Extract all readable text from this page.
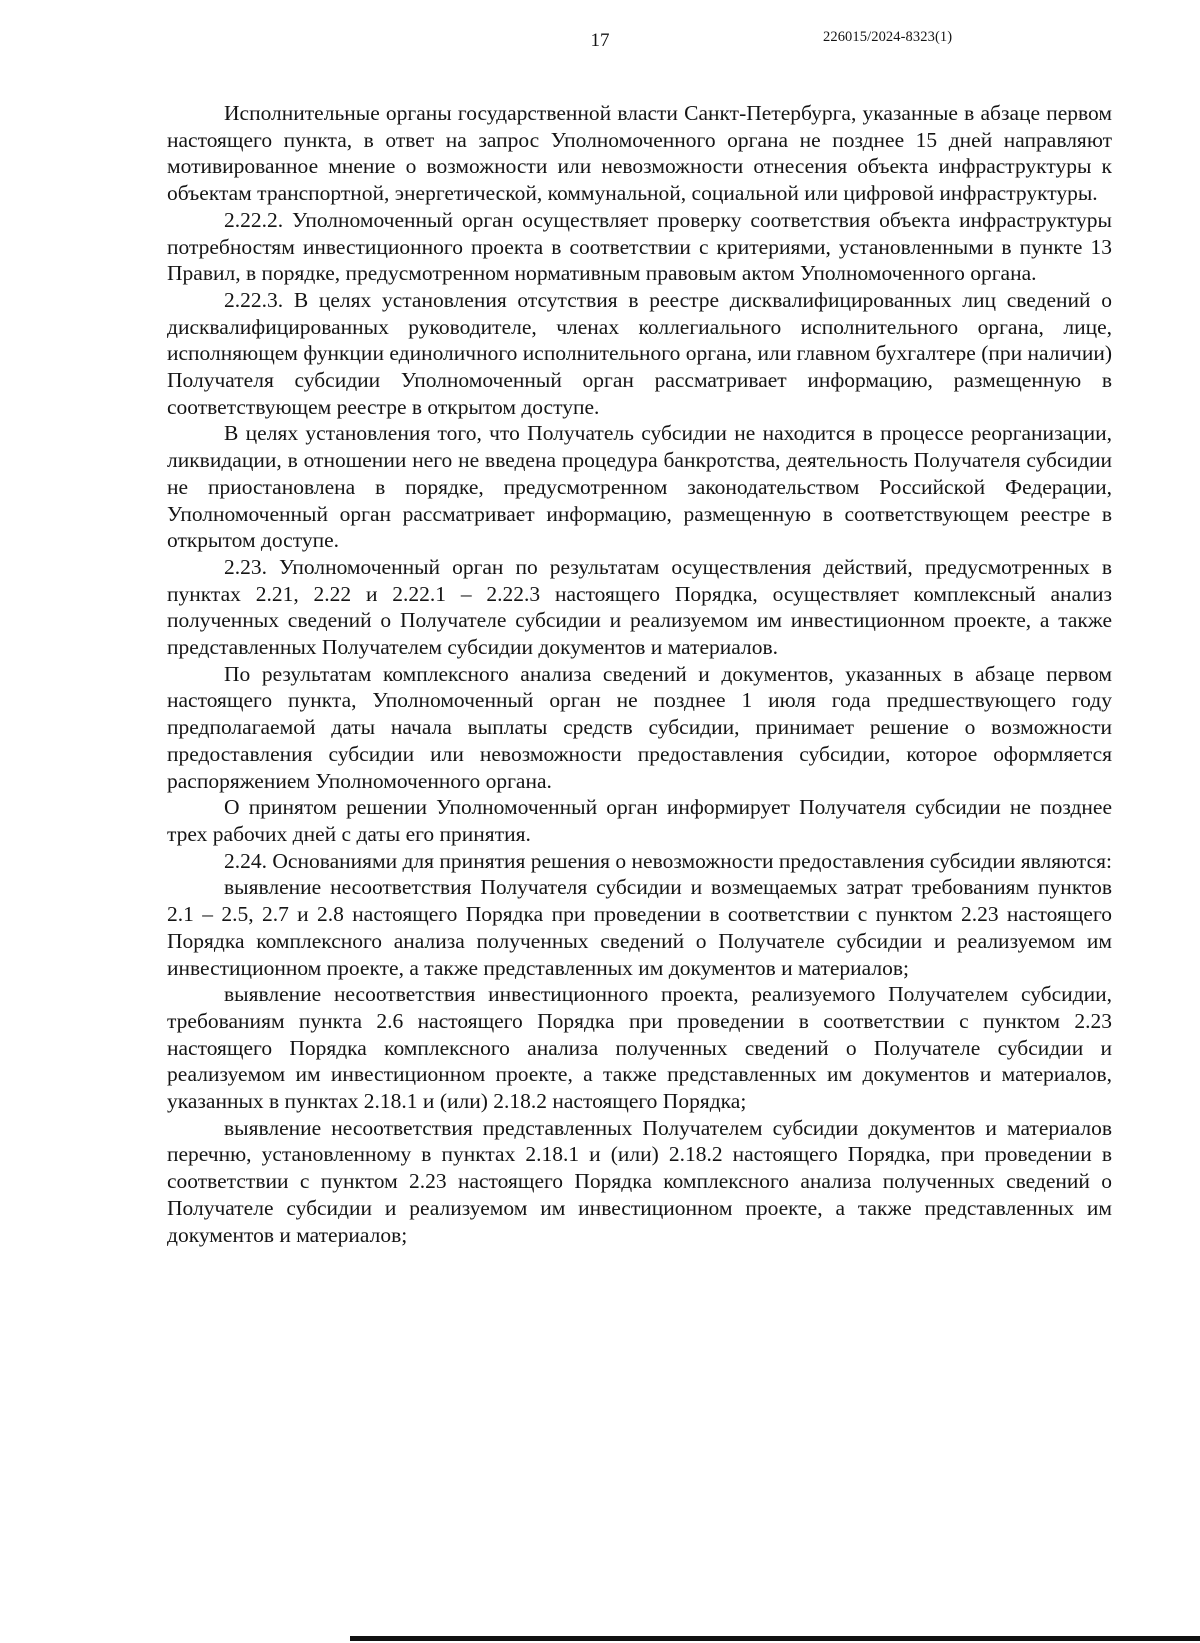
17	226015/2024-8323(1)

Исполнительные органы государственной власти Санкт-Петербурга, указанные в абзаце первом настоящего пункта, в ответ на запрос Уполномоченного органа не позднее 15 дней направляют мотивированное мнение о возможности или невозможности отнесения объекта инфраструктуры к объектам транспортной, энергетической, коммунальной, социальной или цифровой инфраструктуры.

2.22.2. Уполномоченный орган осуществляет проверку соответствия объекта инфраструктуры потребностям инвестиционного проекта в соответствии с критериями, установленными в пункте 13 Правил, в порядке, предусмотренном нормативным правовым актом Уполномоченного органа.

2.22.3. В целях установления отсутствия в реестре дисквалифицированных лиц сведений о дисквалифицированных руководителе, членах коллегиального исполнительного органа, лице, исполняющем функции единоличного исполнительного органа, или главном бухгалтере (при наличии) Получателя субсидии Уполномоченный орган рассматривает информацию, размещенную в соответствующем реестре в открытом доступе.

В целях установления того, что Получатель субсидии не находится в процессе реорганизации, ликвидации, в отношении него не введена процедура банкротства, деятельность Получателя субсидии не приостановлена в порядке, предусмотренном законодательством Российской Федерации, Уполномоченный орган рассматривает информацию, размещенную в соответствующем реестре в открытом доступе.

2.23. Уполномоченный орган по результатам осуществления действий, предусмотренных в пунктах 2.21, 2.22 и 2.22.1 – 2.22.3 настоящего Порядка, осуществляет комплексный анализ полученных сведений о Получателе субсидии и реализуемом им инвестиционном проекте, а также представленных Получателем субсидии документов и материалов.

По результатам комплексного анализа сведений и документов, указанных в абзаце первом настоящего пункта, Уполномоченный орган не позднее 1 июля года предшествующего году предполагаемой даты начала выплаты средств субсидии, принимает решение о возможности предоставления субсидии или невозможности предоставления субсидии, которое оформляется распоряжением Уполномоченного органа.

О принятом решении Уполномоченный орган информирует Получателя субсидии не позднее трех рабочих дней с даты его принятия.

2.24. Основаниями для принятия решения о невозможности предоставления субсидии являются:

выявление несоответствия Получателя субсидии и возмещаемых затрат требованиям пунктов 2.1 – 2.5, 2.7 и 2.8 настоящего Порядка при проведении в соответствии с пунктом 2.23 настоящего Порядка комплексного анализа полученных сведений о Получателе субсидии и реализуемом им инвестиционном проекте, а также представленных им документов и материалов;

выявление несоответствия инвестиционного проекта, реализуемого Получателем субсидии, требованиям пункта 2.6 настоящего Порядка при проведении в соответствии с пунктом 2.23 настоящего Порядка комплексного анализа полученных сведений о Получателе субсидии и реализуемом им инвестиционном проекте, а также представленных им документов и материалов, указанных в пунктах 2.18.1 и (или) 2.18.2 настоящего Порядка;

выявление несоответствия представленных Получателем субсидии документов и материалов перечню, установленному в пунктах 2.18.1 и (или) 2.18.2 настоящего Порядка, при проведении в соответствии с пунктом 2.23 настоящего Порядка комплексного анализа полученных сведений о Получателе субсидии и реализуемом им инвестиционном проекте, а также представленных им документов и материалов;
